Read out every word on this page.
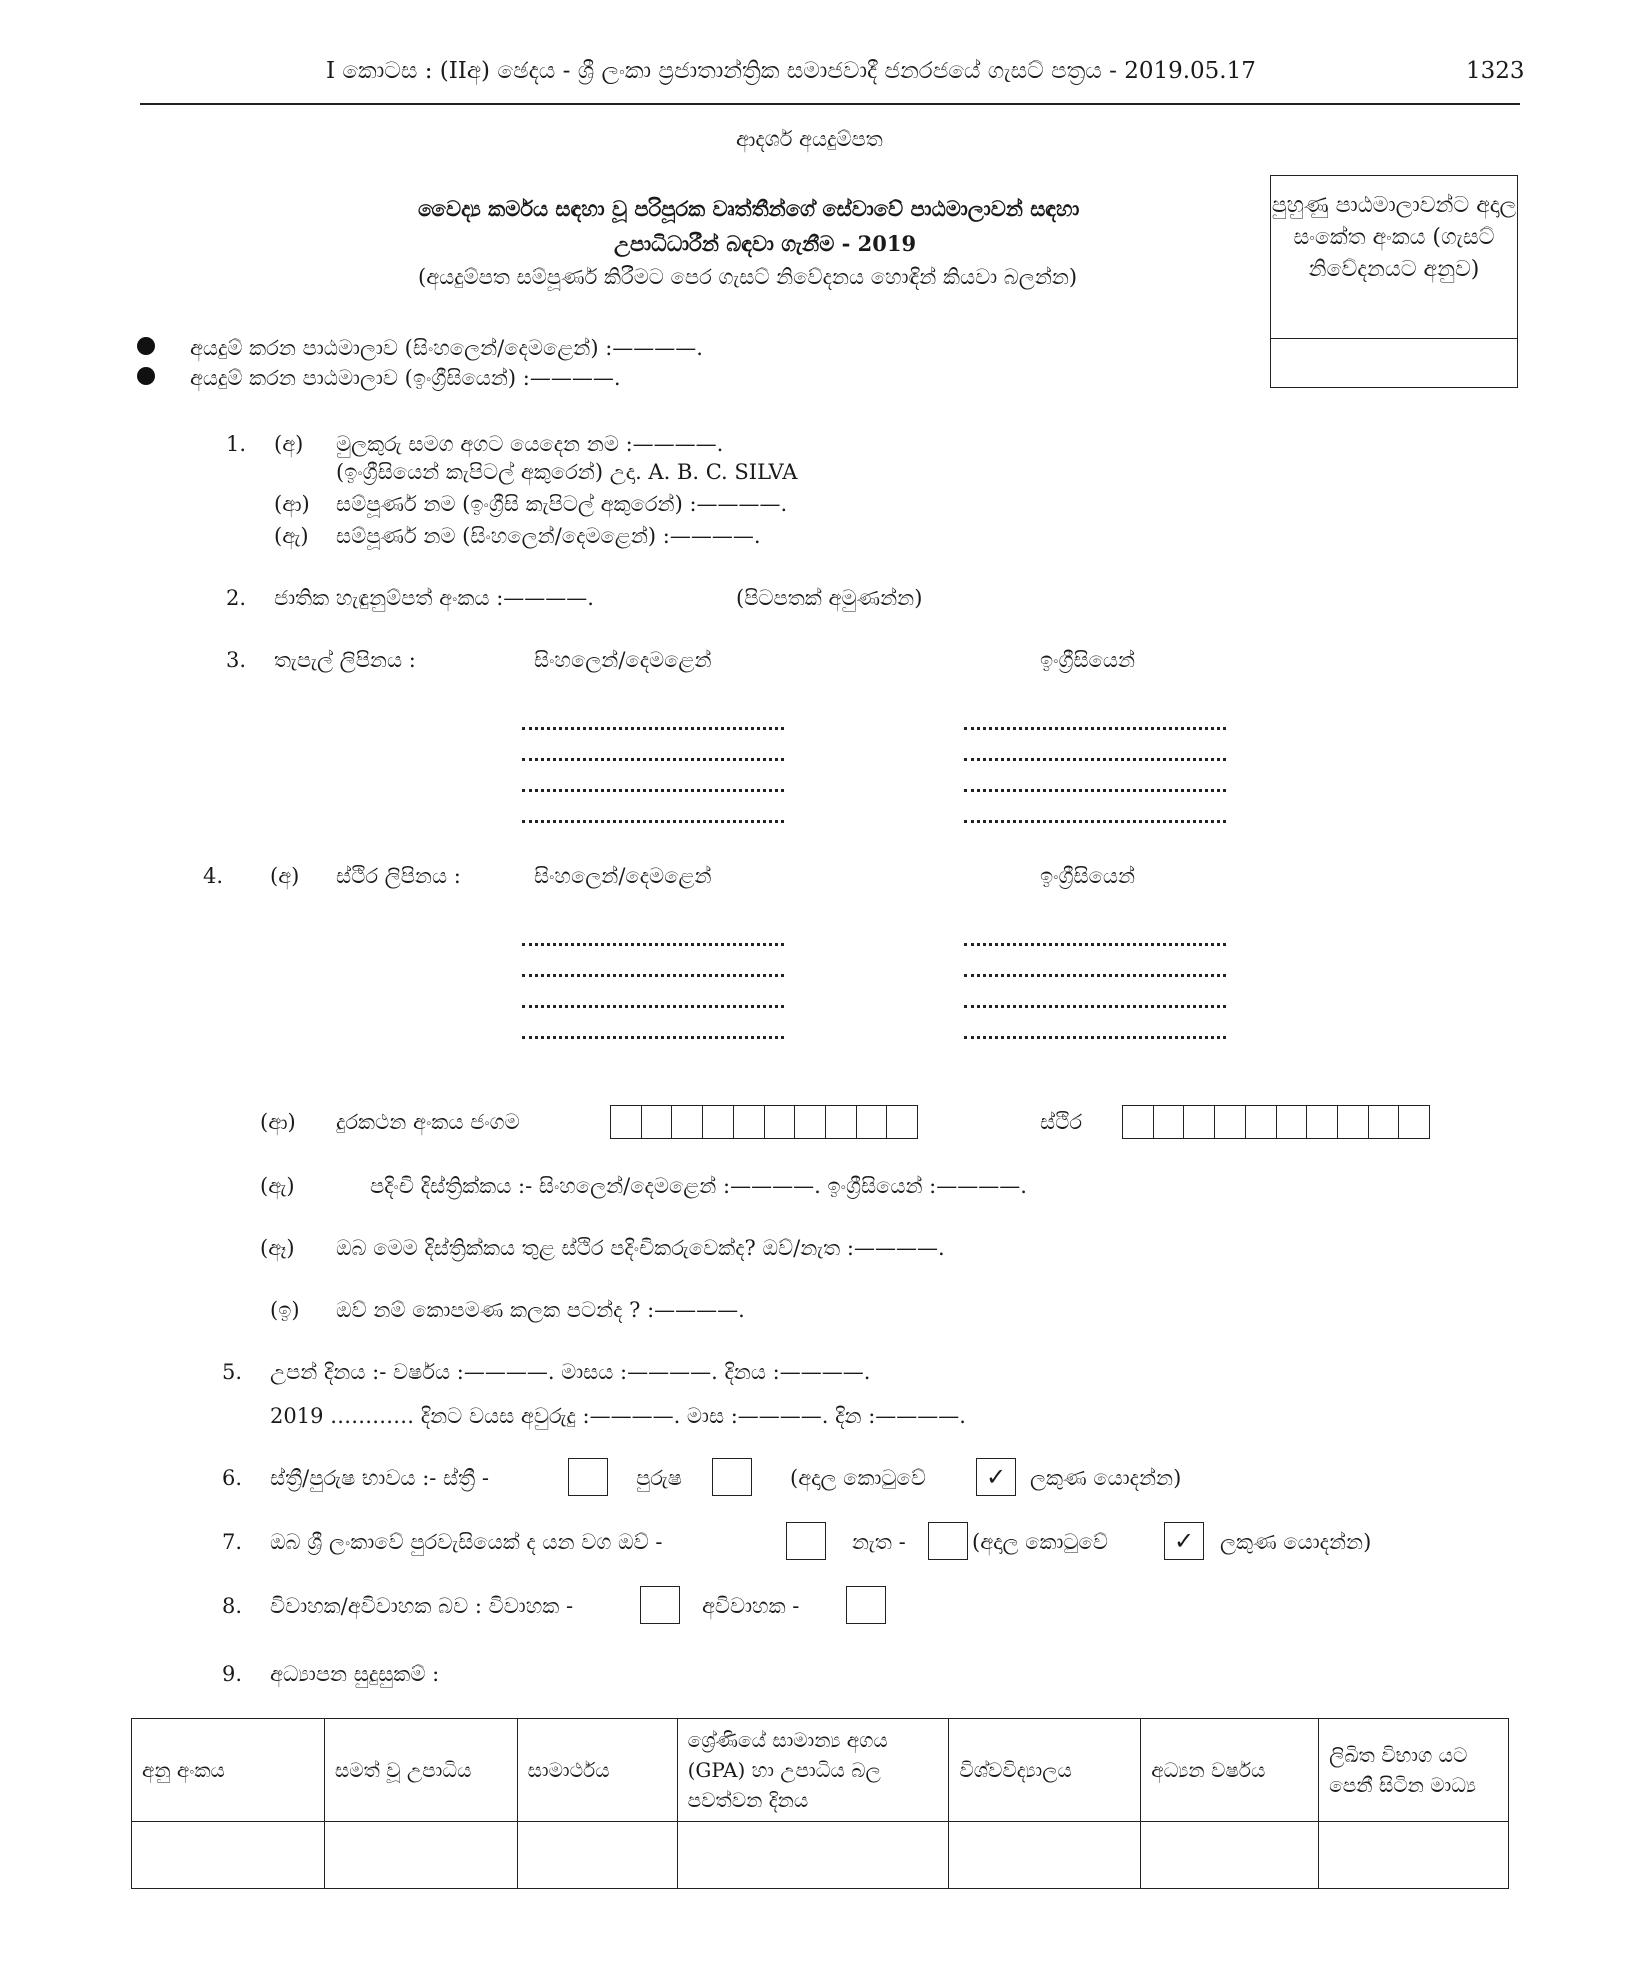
I කොටස : (IIඅ) ඡෙදය - ශ්‍රී ලංකා ප්‍රජාතාන්ත්‍රික සමාජවාදී ජනරජයේ ගැසට් පත්‍රය - 2019.05.17	1323
ආදර්ශ අයදුම්පත
වෛද්‍ය කර්මය සඳහා වූ පරිපූරක වෘත්තීන්ගේ සේවාවේ පාඨමාලාවන් සඳහා
උපාධිධාරීන් බඳවා ගැනීම - 2019
(අයදුම්පත සම්පූර්ණ කිරීමට පෙර ගැසට් නිවේදනය හොඳින් කියවා බලන්න)
පුහුණු පාඨමාලාවන්ට අදාල සංකේත අංකය (ගැසට් නිවේදනයට අනුව)
අයදුම් කරන පාඨමාලාව (සිංහලෙන්/දෙමළෙන්) :————.
අයදුම් කරන පාඨමාලාව (ඉංග්‍රීසියෙන්) :————.
1. (අ) මුලකුරු සමග අගට යෙදෙන නම :————.
(ඉංග්‍රීසියෙන් කැපිටල් අකුරෙන්) උදා. A. B. C. SILVA
(ආ) සම්පූර්ණ නම (ඉංග්‍රීසි කැපිටල් අකුරෙන්) :————.
(ඇ) සම්පූර්ණ නම (සිංහලෙන්/දෙමළෙන්) :————.
2. ජාතික හැඳුනුම්පත් අංකය :————.	(පිටපතක් අමුණන්න)
3. තැපැල් ලිපිනය :	සිංහලෙන්/දෙමළෙන්	ඉංග්‍රීසියෙන්
4. (අ) ස්ථිර ලිපිනය :	සිංහලෙන්/දෙමළෙන්	ඉංග්‍රීසියෙන්
(ආ) දුරකථන අංකය ජංගම	ස්ථිර
(ඇ)	පදිංචි දිස්ත්‍රික්කය :- සිංහලෙන්/දෙමළෙන් :————. ඉංග්‍රීසියෙන් :————.
(ඈ) ඔබ මෙම දිස්ත්‍රික්කය තුළ ස්ථිර පදිංචිකරුවෙක්ද? ඔව්/නැත :————.
(ඉ) ඔව් නම් කොපමණ කලක පටන්ද ? :————.
5. උපන් දිනය :- වර්ෂය :————. මාසය :————. දිනය :————.
2019 ………… දිනට වයස අවුරුදු :————. මාස :————. දින :————.
6. ස්ත්‍රී/පුරුෂ භාවය :- ස්ත්‍රී -	පුරුෂ	(අදාල කොටුවේ	✓ ලකුණ යොදන්න)
7. ඔබ ශ්‍රී ලංකාවේ පුරවැසියෙක් ද යන වග ඔව් -	නැත -	(අදාල කොටුවේ	✓ ලකුණ යොදන්න)
8. විවාහක/අවිවාහක බව : විවාහක -	අවිවාහක -
9. අධ්‍යාපන සුදුසුකම් :
අනු අංකය	සමත් වූ උපාධිය	සාමාර්ථය	ශ්‍රේණියේ සාමාන්‍ය අගය (GPA) හා උපාධිය බල පවත්වන දිනය	විශ්වවිද්‍යාලය	අධ්‍යන වර්ෂය	ලිඛිත විභාග යට පෙනී සිටින මාධ්‍ය
